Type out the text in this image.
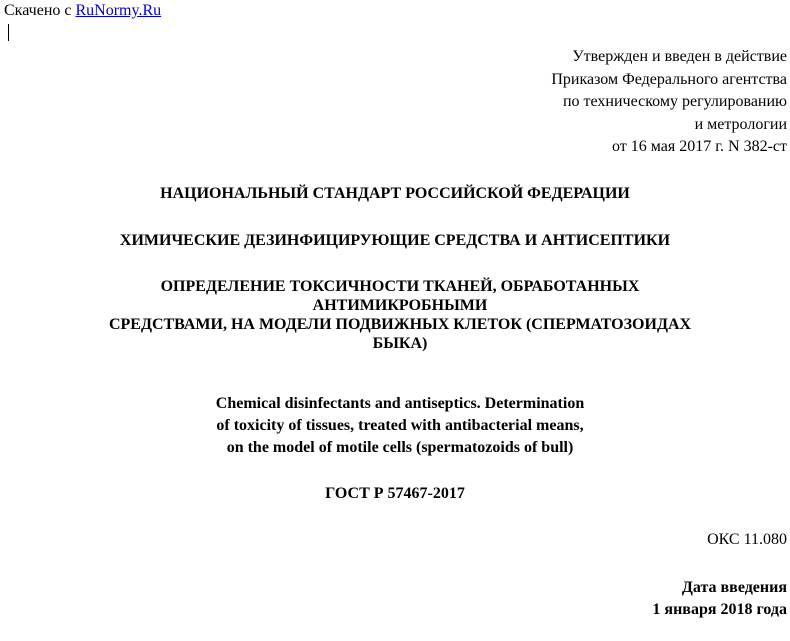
Скачено с RuNormy.Ru
Утвержден и введен в действие
Приказом Федерального агентства
по техническому регулированию
и метрологии
от 16 мая 2017 г. N 382-ст
НАЦИОНАЛЬНЫЙ СТАНДАРТ РОССИЙСКОЙ ФЕДЕРАЦИИ
ХИМИЧЕСКИЕ ДЕЗИНФИЦИРУЮЩИЕ СРЕДСТВА И АНТИСЕПТИКИ
ОПРЕДЕЛЕНИЕ ТОКСИЧНОСТИ ТКАНЕЙ, ОБРАБОТАННЫХ
АНТИМИКРОБНЫМИ
СРЕДСТВАМИ, НА МОДЕЛИ ПОДВИЖНЫХ КЛЕТОК (СПЕРМАТОЗОИДАХ
БЫКА)
Chemical disinfectants and antiseptics. Determination
of toxicity of tissues, treated with antibacterial means,
on the model of motile cells (spermatozoids of bull)
ГОСТ Р 57467-2017
ОКС 11.080
Дата введения
1 января 2018 года
